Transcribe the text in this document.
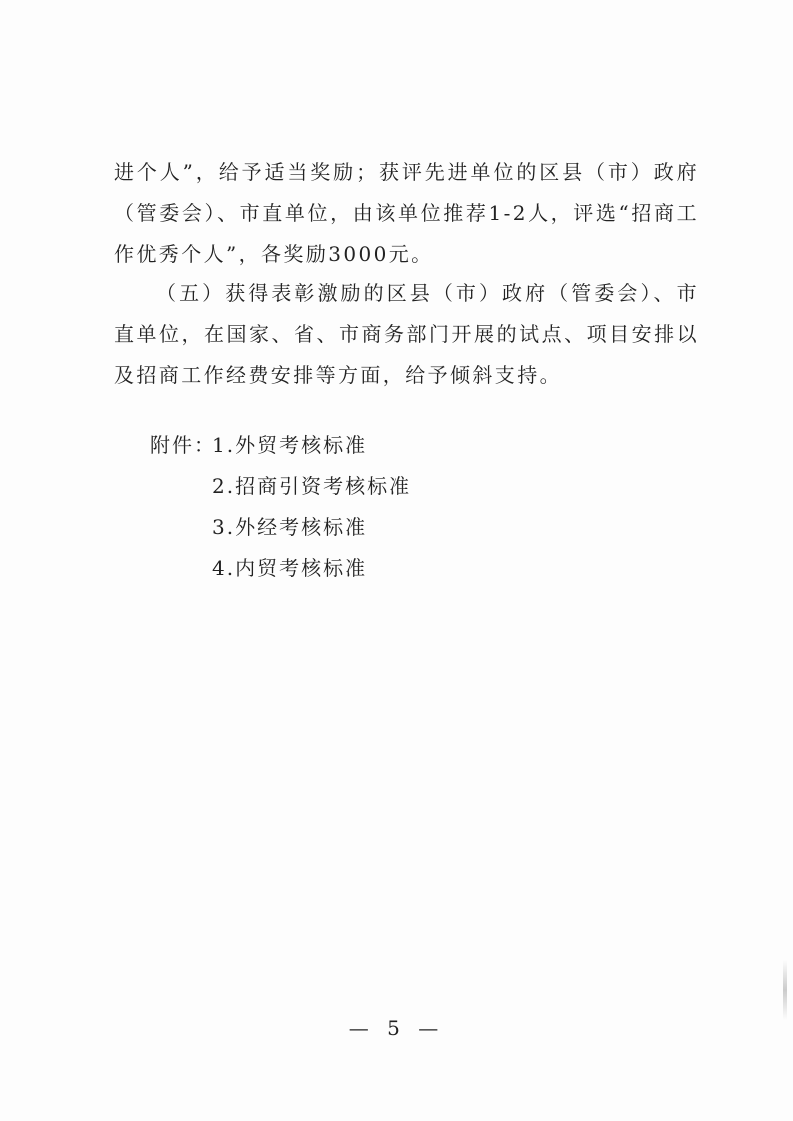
进个人”，给予适当奖励；获评先进单位的区县（市）政府（管委会）、市直单位，由该单位推荐1-2人，评选“招商工作优秀个人”，各奖励3000元。

（五）获得表彰激励的区县（市）政府（管委会）、市直单位，在国家、省、市商务部门开展的试点、项目安排以及招商工作经费安排等方面，给予倾斜支持。

附件：
1.外贸考核标准
2.招商引资考核标准
3.外经考核标准
4.内贸考核标准
— 5 —
